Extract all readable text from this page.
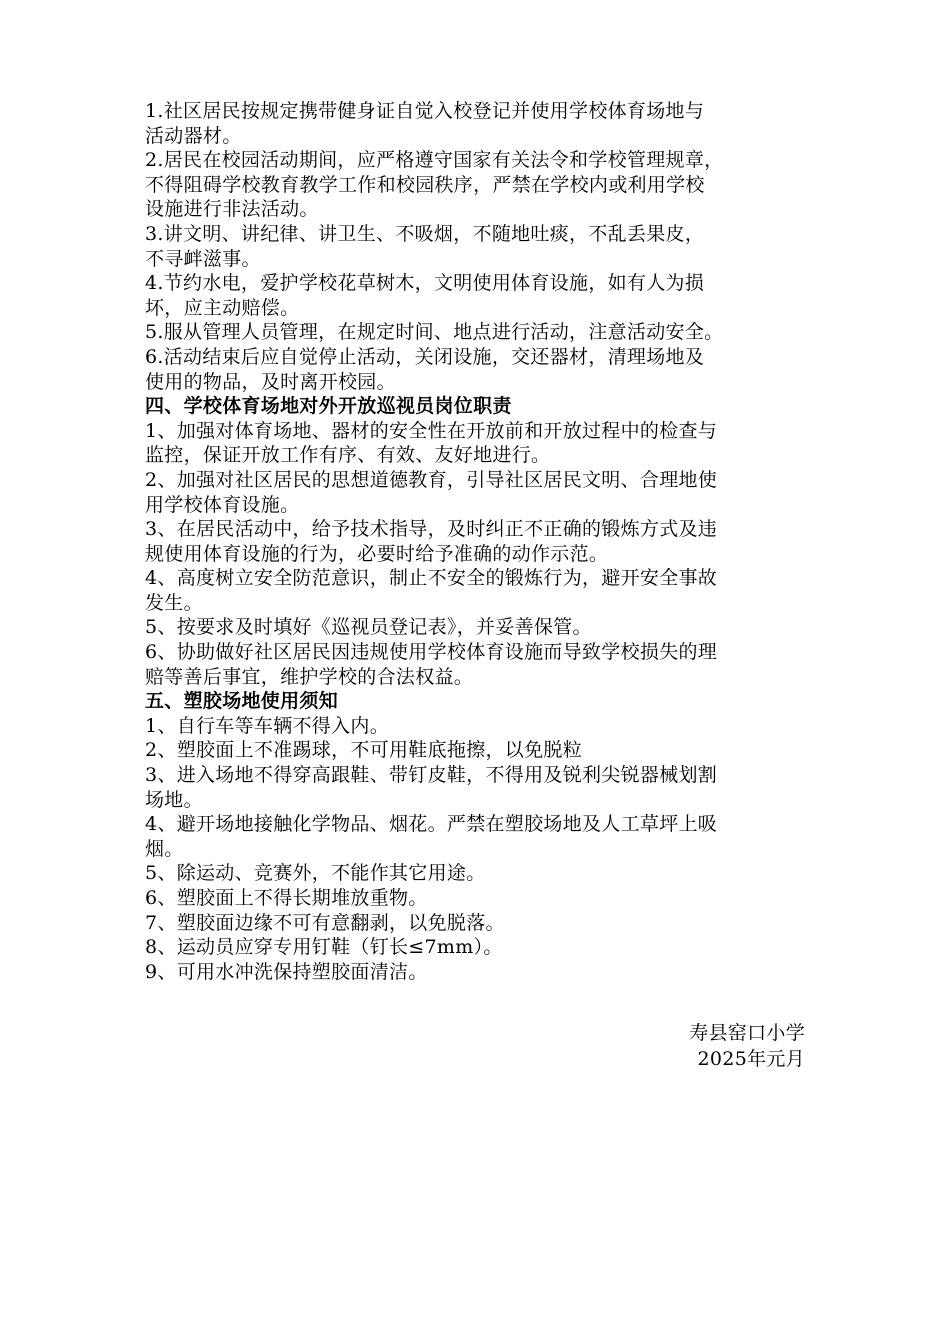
1.社区居民按规定携带健身证自觉入校登记并使用学校体育场地与
活动器材。
2.居民在校园活动期间，应严格遵守国家有关法令和学校管理规章，
不得阻碍学校教育教学工作和校园秩序，严禁在学校内或利用学校
设施进行非法活动。
3.讲文明、讲纪律、讲卫生、不吸烟，不随地吐痰，不乱丢果皮，
不寻衅滋事。
4.节约水电，爱护学校花草树木，文明使用体育设施，如有人为损
坏，应主动赔偿。
5.服从管理人员管理，在规定时间、地点进行活动，注意活动安全。
6.活动结束后应自觉停止活动，关闭设施，交还器材，清理场地及
使用的物品，及时离开校园。
四、学校体育场地对外开放巡视员岗位职责
1、加强对体育场地、器材的安全性在开放前和开放过程中的检查与
监控，保证开放工作有序、有效、友好地进行。
2、加强对社区居民的思想道德教育，引导社区居民文明、合理地使
用学校体育设施。
3、在居民活动中，给予技术指导，及时纠正不正确的锻炼方式及违
规使用体育设施的行为，必要时给予准确的动作示范。
4、高度树立安全防范意识，制止不安全的锻炼行为，避开安全事故
发生。
5、按要求及时填好《巡视员登记表》，并妥善保管。
6、协助做好社区居民因违规使用学校体育设施而导致学校损失的理
赔等善后事宜，维护学校的合法权益。
五、塑胶场地使用须知
1、自行车等车辆不得入内。
2、塑胶面上不准踢球，不可用鞋底拖擦，以免脱粒
3、进入场地不得穿高跟鞋、带钉皮鞋，不得用及锐利尖锐器械划割
场地。
4、避开场地接触化学物品、烟花。严禁在塑胶场地及人工草坪上吸
烟。
5、除运动、竞赛外，不能作其它用途。
6、塑胶面上不得长期堆放重物。
7、塑胶面边缘不可有意翻剥，以免脱落。
8、运动员应穿专用钉鞋（钉长≤7mm）。
9、可用水冲洗保持塑胶面清洁。
寿县窑口小学
2025年元月
